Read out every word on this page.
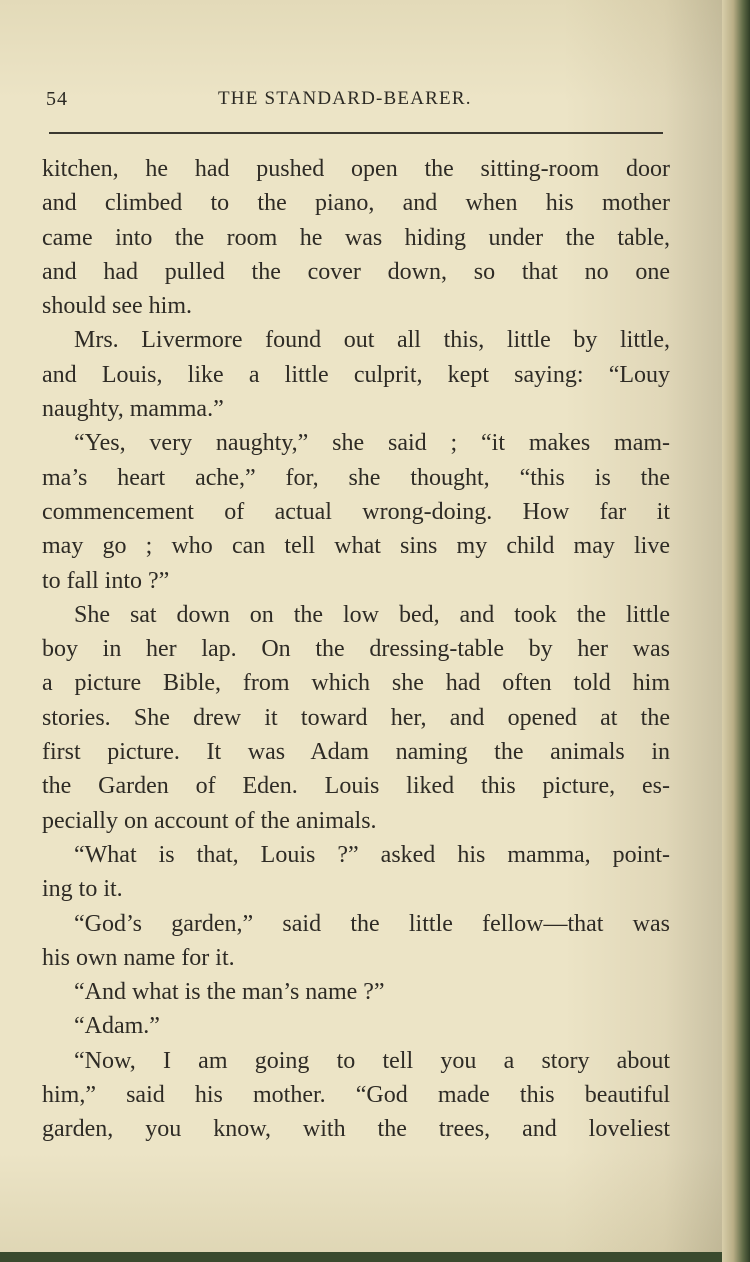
54	THE STANDARD-BEARER.
kitchen, he had pushed open the sitting-room door
and climbed to the piano, and when his mother
came into the room he was hiding under the table,
and had pulled the cover down, so that no one
should see him.
Mrs. Livermore found out all this, little by little,
and Louis, like a little culprit, kept saying: “Louy
naughty, mamma.”
“Yes, very naughty,” she said ; “it makes mam-
ma’s heart ache,” for, she thought, “this is the
commencement of actual wrong-doing. How far it
may go ; who can tell what sins my child may live
to fall into ?”
She sat down on the low bed, and took the little
boy in her lap. On the dressing-table by her was
a picture Bible, from which she had often told him
stories. She drew it toward her, and opened at the
first picture. It was Adam naming the animals in
the Garden of Eden. Louis liked this picture, es-
pecially on account of the animals.
“What is that, Louis ?” asked his mamma, point-
ing to it.
“God’s garden,” said the little fellow—that was
his own name for it.
“And what is the man’s name ?”
“Adam.”
“Now, I am going to tell you a story about
him,” said his mother. “God made this beautiful
garden, you know, with the trees, and loveliest
